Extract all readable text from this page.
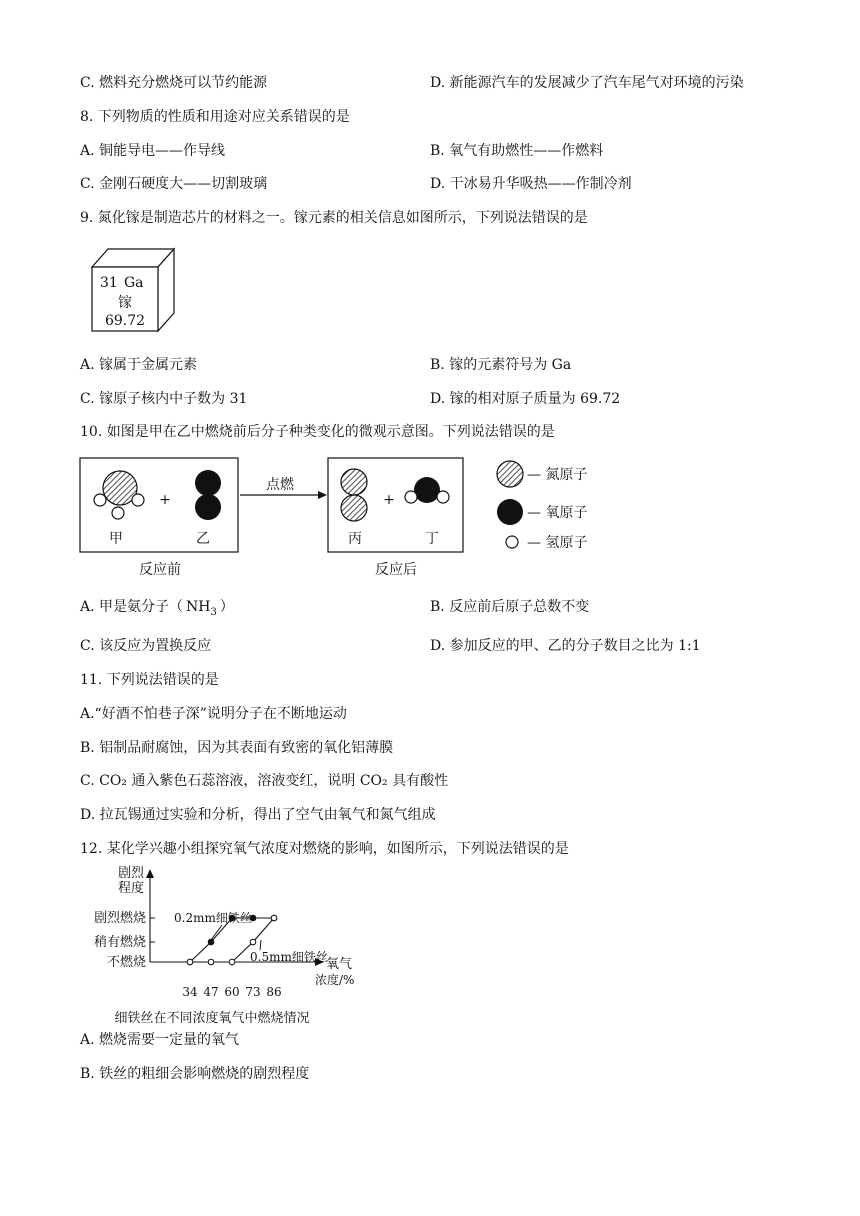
C. 燃料充分燃烧可以节约能源	D. 新能源汽车的发展减少了汽车尾气对环境的污染
8. 下列物质的性质和用途对应关系错误的是
A. 铜能导电——作导线	B. 氧气有助燃性——作燃料
C. 金刚石硬度大——切割玻璃	D. 干冰易升华吸热——作制冷剂
9. 氮化镓是制造芯片的材料之一。镓元素的相关信息如图所示，下列说法错误的是
31 Ga
镓
69.72
A. 镓属于金属元素	B. 镓的元素符号为 Ga
C. 镓原子核内中子数为 31	D. 镓的相对原子质量为 69.72
10. 如图是甲在乙中燃烧前后分子种类变化的微观示意图。下列说法错误的是
+
甲	乙
点燃
+
丙	丁
反应前	反应后
— 氮原子
— 氧原子
— 氢原子
A. 甲是氨分子（ $NH_3$ ）	B. 反应前后原子总数不变
C. 该反应为置换反应	D. 参加反应的甲、乙的分子数目之比为 1:1
11. 下列说法错误的是
A.“好酒不怕巷子深”说明分子在不断地运动
B. 铝制品耐腐蚀，因为其表面有致密的氧化铝薄膜
C. CO₂ 通入紫色石蕊溶液，溶液变红，说明 CO₂ 具有酸性
D. 拉瓦锡通过实验和分析，得出了空气由氧气和氮气组成
12. 某化学兴趣小组探究氧气浓度对燃烧的影响，如图所示，下列说法错误的是
剧烈
程度
氧气
浓度/%
34 47 60 73 86
不燃烧
稍有燃烧
剧烈燃烧 0.2mm细铁丝
0.5mm细铁丝
细铁丝在不同浓度氧气中燃烧情况
A. 燃烧需要一定量的氧气
B. 铁丝的粗细会影响燃烧的剧烈程度
